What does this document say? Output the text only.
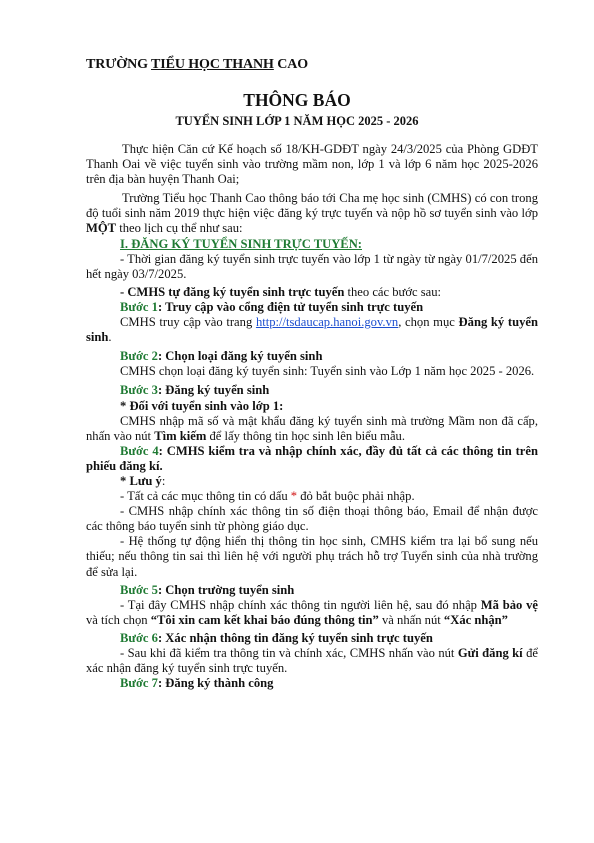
TRƯỜNG TIỂU HỌC THANH CAO
THÔNG BÁO
TUYỂN SINH LỚP 1 NĂM HỌC 2025 - 2026

Thực hiện Căn cứ Kế hoạch số 18/KH-GDĐT ngày 24/3/2025 của Phòng GDĐT Thanh Oai về việc tuyển sinh vào trường mầm non, lớp 1 và lớp 6 năm học 2025-2026 trên địa bàn huyện Thanh Oai;

Trường Tiểu học Thanh Cao thông báo tới Cha mẹ học sinh (CMHS) có con trong độ tuổi sinh năm 2019 thực hiện việc đăng ký trực tuyến và nộp hồ sơ tuyển sinh vào lớp MỘT theo lịch cụ thể như sau:

I. ĐĂNG KÝ TUYỂN SINH TRỰC TUYẾN:

- Thời gian đăng ký tuyển sinh trực tuyến vào lớp 1 từ ngày từ ngày 01/7/2025 đến hết ngày 03/7/2025.

- CMHS tự đăng ký tuyển sinh trực tuyến theo các bước sau:

Bước 1: Truy cập vào cổng điện tử tuyển sinh trực tuyến

CMHS truy cập vào trang http://tsdaucap.hanoi.gov.vn, chọn mục Đăng ký tuyển sinh.

Bước 2: Chọn loại đăng ký tuyển sinh

CMHS chọn loại đăng ký tuyển sinh: Tuyển sinh vào Lớp 1 năm học 2025 - 2026.

Bước 3: Đăng ký tuyển sinh

* Đối với tuyển sinh vào lớp 1:

CMHS nhập mã số và mật khẩu đăng ký tuyển sinh mà trường Mầm non đã cấp, nhấn vào nút Tìm kiếm để lấy thông tin học sinh lên biểu mẫu.

Bước 4: CMHS kiểm tra và nhập chính xác, đầy đủ tất cả các thông tin trên phiếu đăng kí.

* Lưu ý:

- Tất cả các mục thông tin có dấu * đỏ bắt buộc phải nhập.

- CMHS nhập chính xác thông tin số điện thoại thông báo, Email để nhận được các thông báo tuyển sinh từ phòng giáo dục.

- Hệ thống tự động hiển thị thông tin học sinh, CMHS kiểm tra lại bổ sung nếu thiếu; nếu thông tin sai thì liên hệ với người phụ trách hỗ trợ Tuyển sinh của nhà trường để sửa lại.

Bước 5: Chọn trường tuyển sinh

- Tại đây CMHS nhập chính xác thông tin người liên hệ, sau đó nhập Mã bảo vệ và tích chọn “Tôi xin cam kết khai báo đúng thông tin” và nhấn nút “Xác nhận”

Bước 6: Xác nhận thông tin đăng ký tuyển sinh trực tuyến

- Sau khi đã kiểm tra thông tin và chính xác, CMHS nhấn vào nút Gửi đăng kí để xác nhận đăng ký tuyển sinh trực tuyến.

Bước 7: Đăng ký thành công
